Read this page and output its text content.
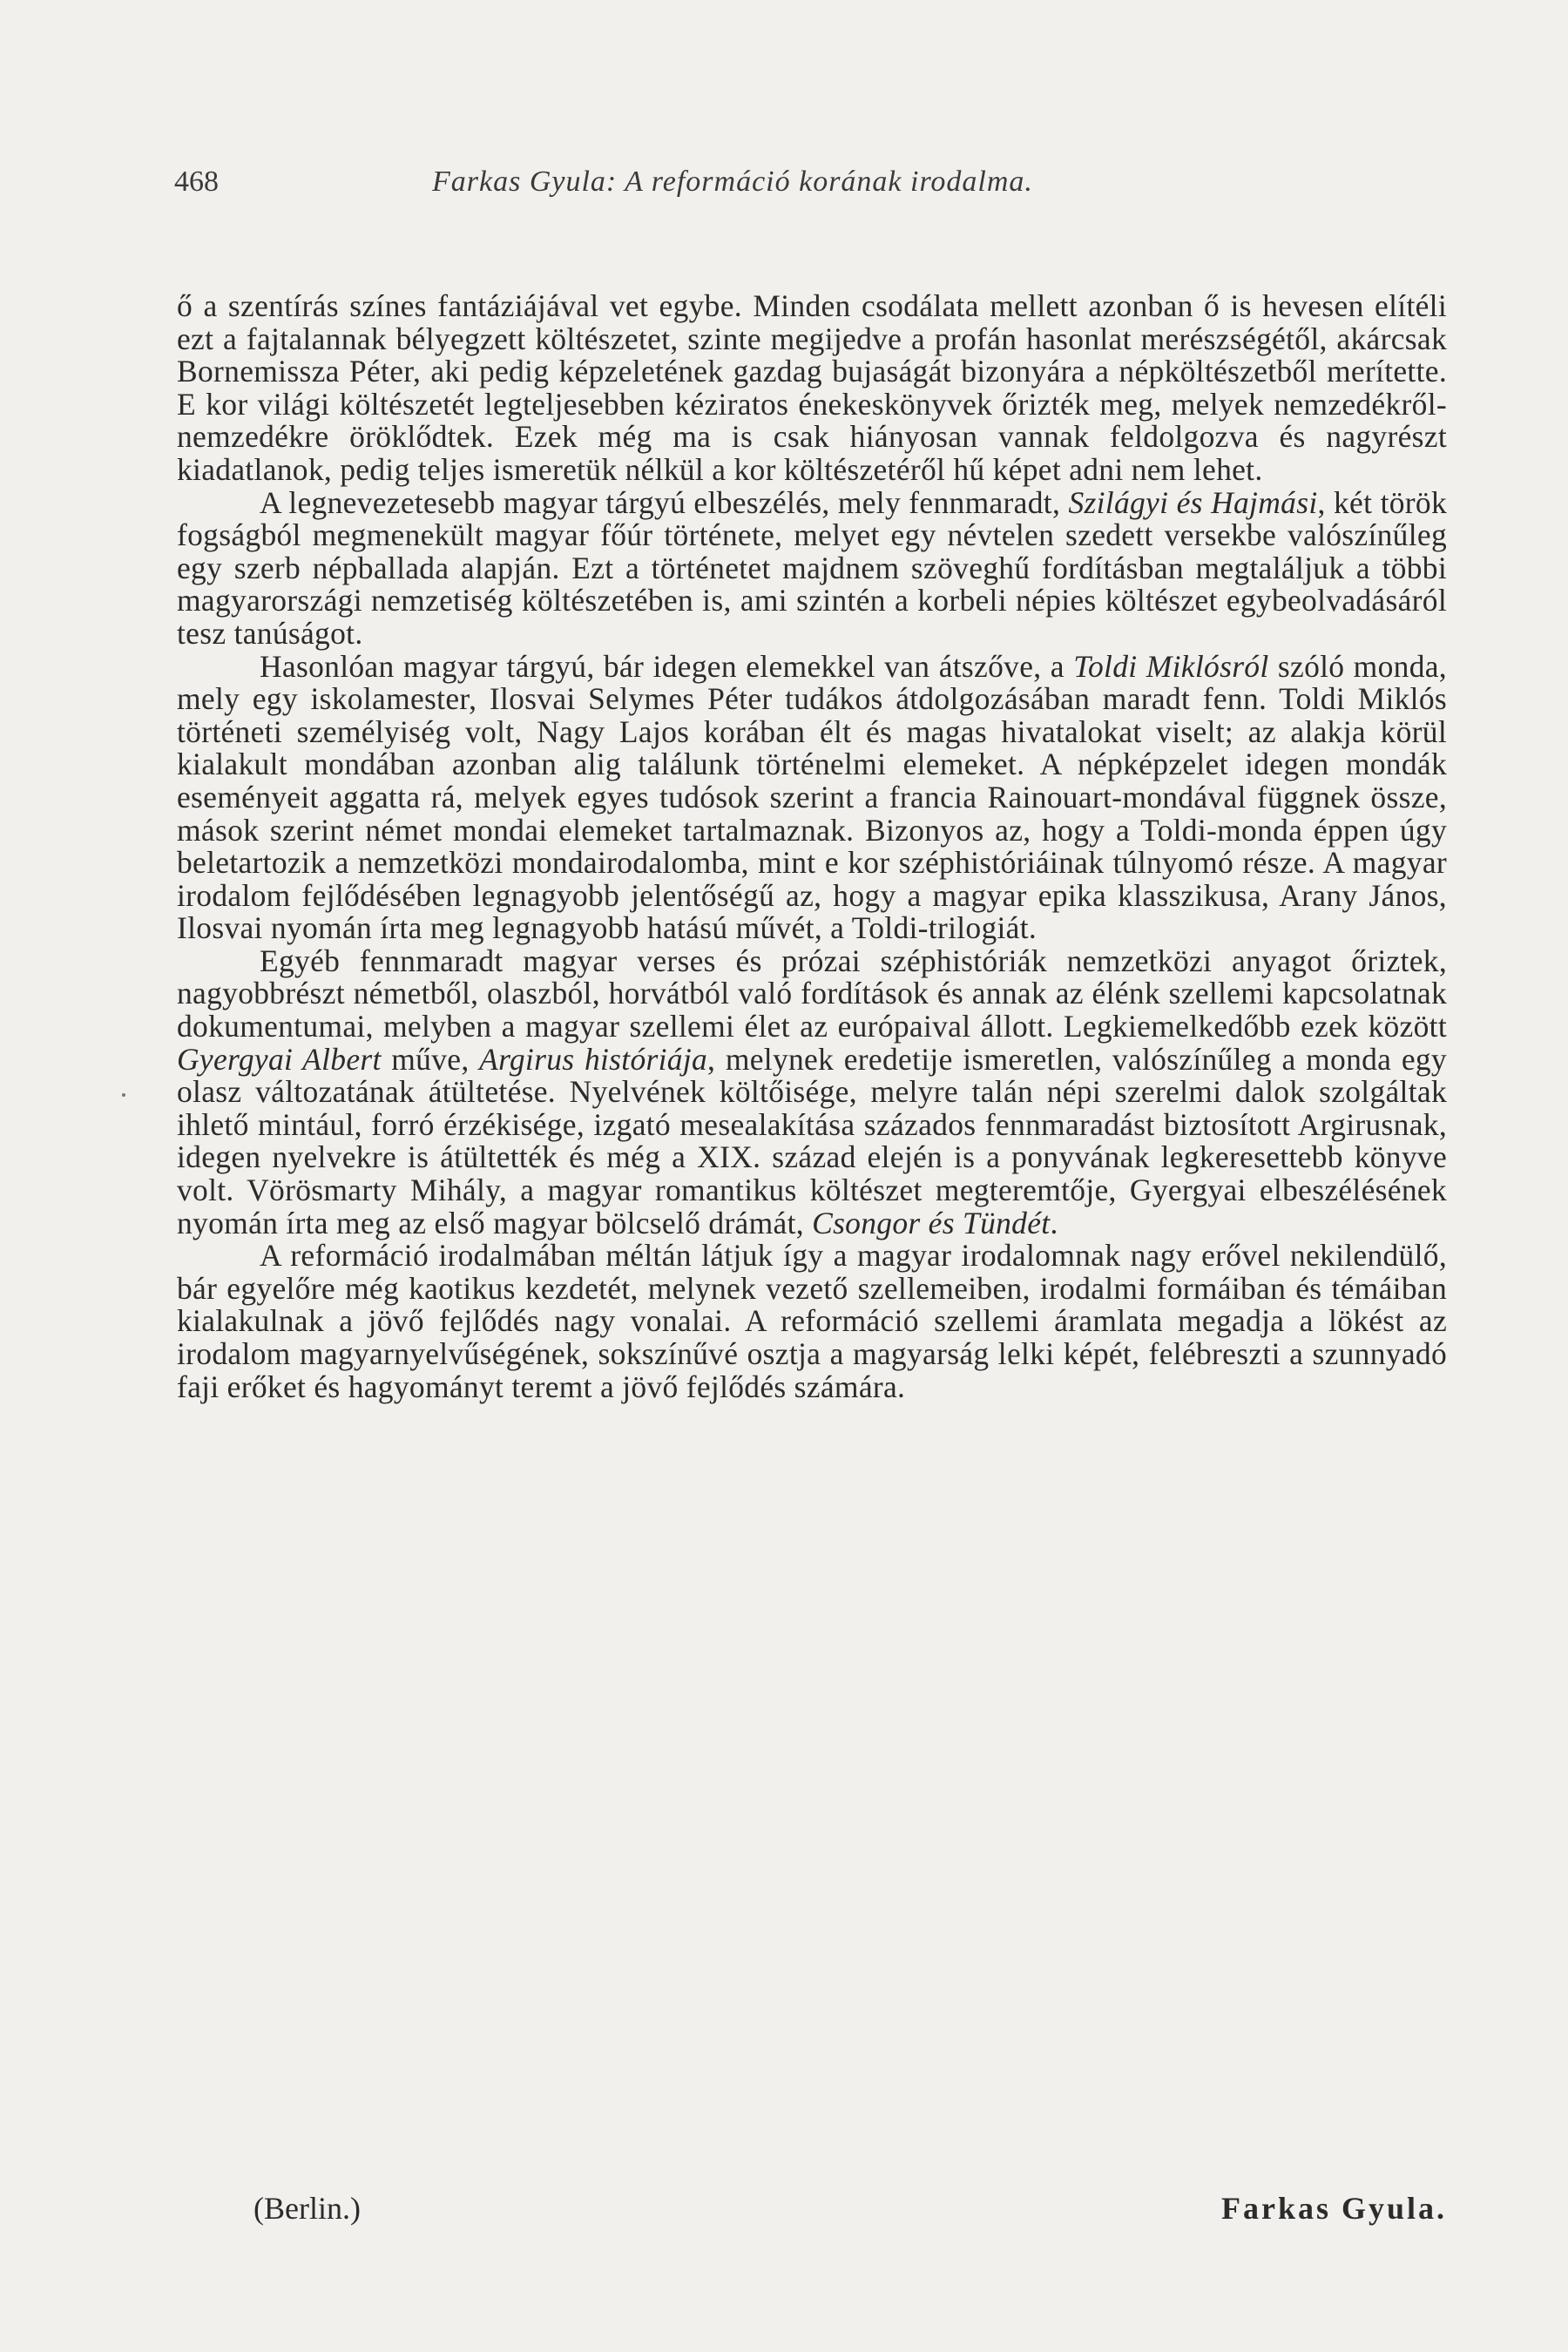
468	Farkas Gyula: A reformáció korának irodalma.

ő a szentírás színes fantáziájával vet egybe. Minden csodálata mellett azonban ő is hevesen elítéli ezt a fajtalannak bélyegzett költészetet, szinte megijedve a profán hasonlat merészségétől, akárcsak Bornemissza Péter, aki pedig képzeletének gazdag bujaságát bizonyára a népköltészetből merítette. E kor világi költészetét legteljesebben kéziratos énekeskönyvek őrizték meg, melyek nemzedékről-nemzedékre öröklődtek. Ezek még ma is csak hiányosan vannak feldolgozva és nagyrészt kiadatlanok, pedig teljes ismeretük nélkül a kor költészetéről hű képet adni nem lehet.

A legnevezetesebb magyar tárgyú elbeszélés, mely fennmaradt, Szilágyi és Hajmási, két török fogságból megmenekült magyar főúr története, melyet egy névtelen szedett versekbe valószínűleg egy szerb népballada alapján. Ezt a történetet majdnem szöveghű fordításban megtaláljuk a többi magyarországi nemzetiség költészetében is, ami szintén a korbeli népies költészet egybeolvadásáról tesz tanúságot.

Hasonlóan magyar tárgyú, bár idegen elemekkel van átszőve, a Toldi Miklósról szóló monda, mely egy iskolamester, Ilosvai Selymes Péter tudákos átdolgozásában maradt fenn. Toldi Miklós történeti személyiség volt, Nagy Lajos korában élt és magas hivatalokat viselt; az alakja körül kialakult mondában azonban alig találunk történelmi elemeket. A népképzelet idegen mondák eseményeit aggatta rá, melyek egyes tudósok szerint a francia Rainouart-mondával függnek össze, mások szerint német mondai elemeket tartalmaznak. Bizonyos az, hogy a Toldi-monda éppen úgy beletartozik a nemzetközi mondairodalomba, mint e kor széphistóriáinak túlnyomó része. A magyar irodalom fejlődésében legnagyobb jelentőségű az, hogy a magyar epika klasszikusa, Arany János, Ilosvai nyomán írta meg legnagyobb hatású művét, a Toldi-trilogiát.

Egyéb fennmaradt magyar verses és prózai széphistóriák nemzetközi anyagot őriztek, nagyobbrészt németből, olaszból, horvátból való fordítások és annak az élénk szellemi kapcsolatnak dokumentumai, melyben a magyar szellemi élet az európaival állott. Legkiemelkedőbb ezek között Gyergyai Albert műve, Argirus históriája, melynek eredetije ismeretlen, valószínűleg a monda egy olasz változatának átültetése. Nyelvének költőisége, melyre talán népi szerelmi dalok szolgáltak ihlető mintául, forró érzékisége, izgató mesealakítása százados fennmaradást biztosított Argirusnak, idegen nyelvekre is átültették és még a XIX. század elején is a ponyvának legkeresettebb könyve volt. Vörösmarty Mihály, a magyar romantikus költészet megteremtője, Gyergyai elbeszélésének nyomán írta meg az első magyar bölcselő drámát, Csongor és Tündét.

A reformáció irodalmában méltán látjuk így a magyar irodalomnak nagy erővel nekilendülő, bár egyelőre még kaotikus kezdetét, melynek vezető szellemeiben, irodalmi formáiban és témáiban kialakulnak a jövő fejlődés nagy vonalai. A reformáció szellemi áramlata megadja a lökést az irodalom magyarnyelvűségének, sokszínűvé osztja a magyarság lelki képét, felébreszti a szunnyadó faji erőket és hagyományt teremt a jövő fejlődés számára.

(Berlin.)	Farkas Gyula.
